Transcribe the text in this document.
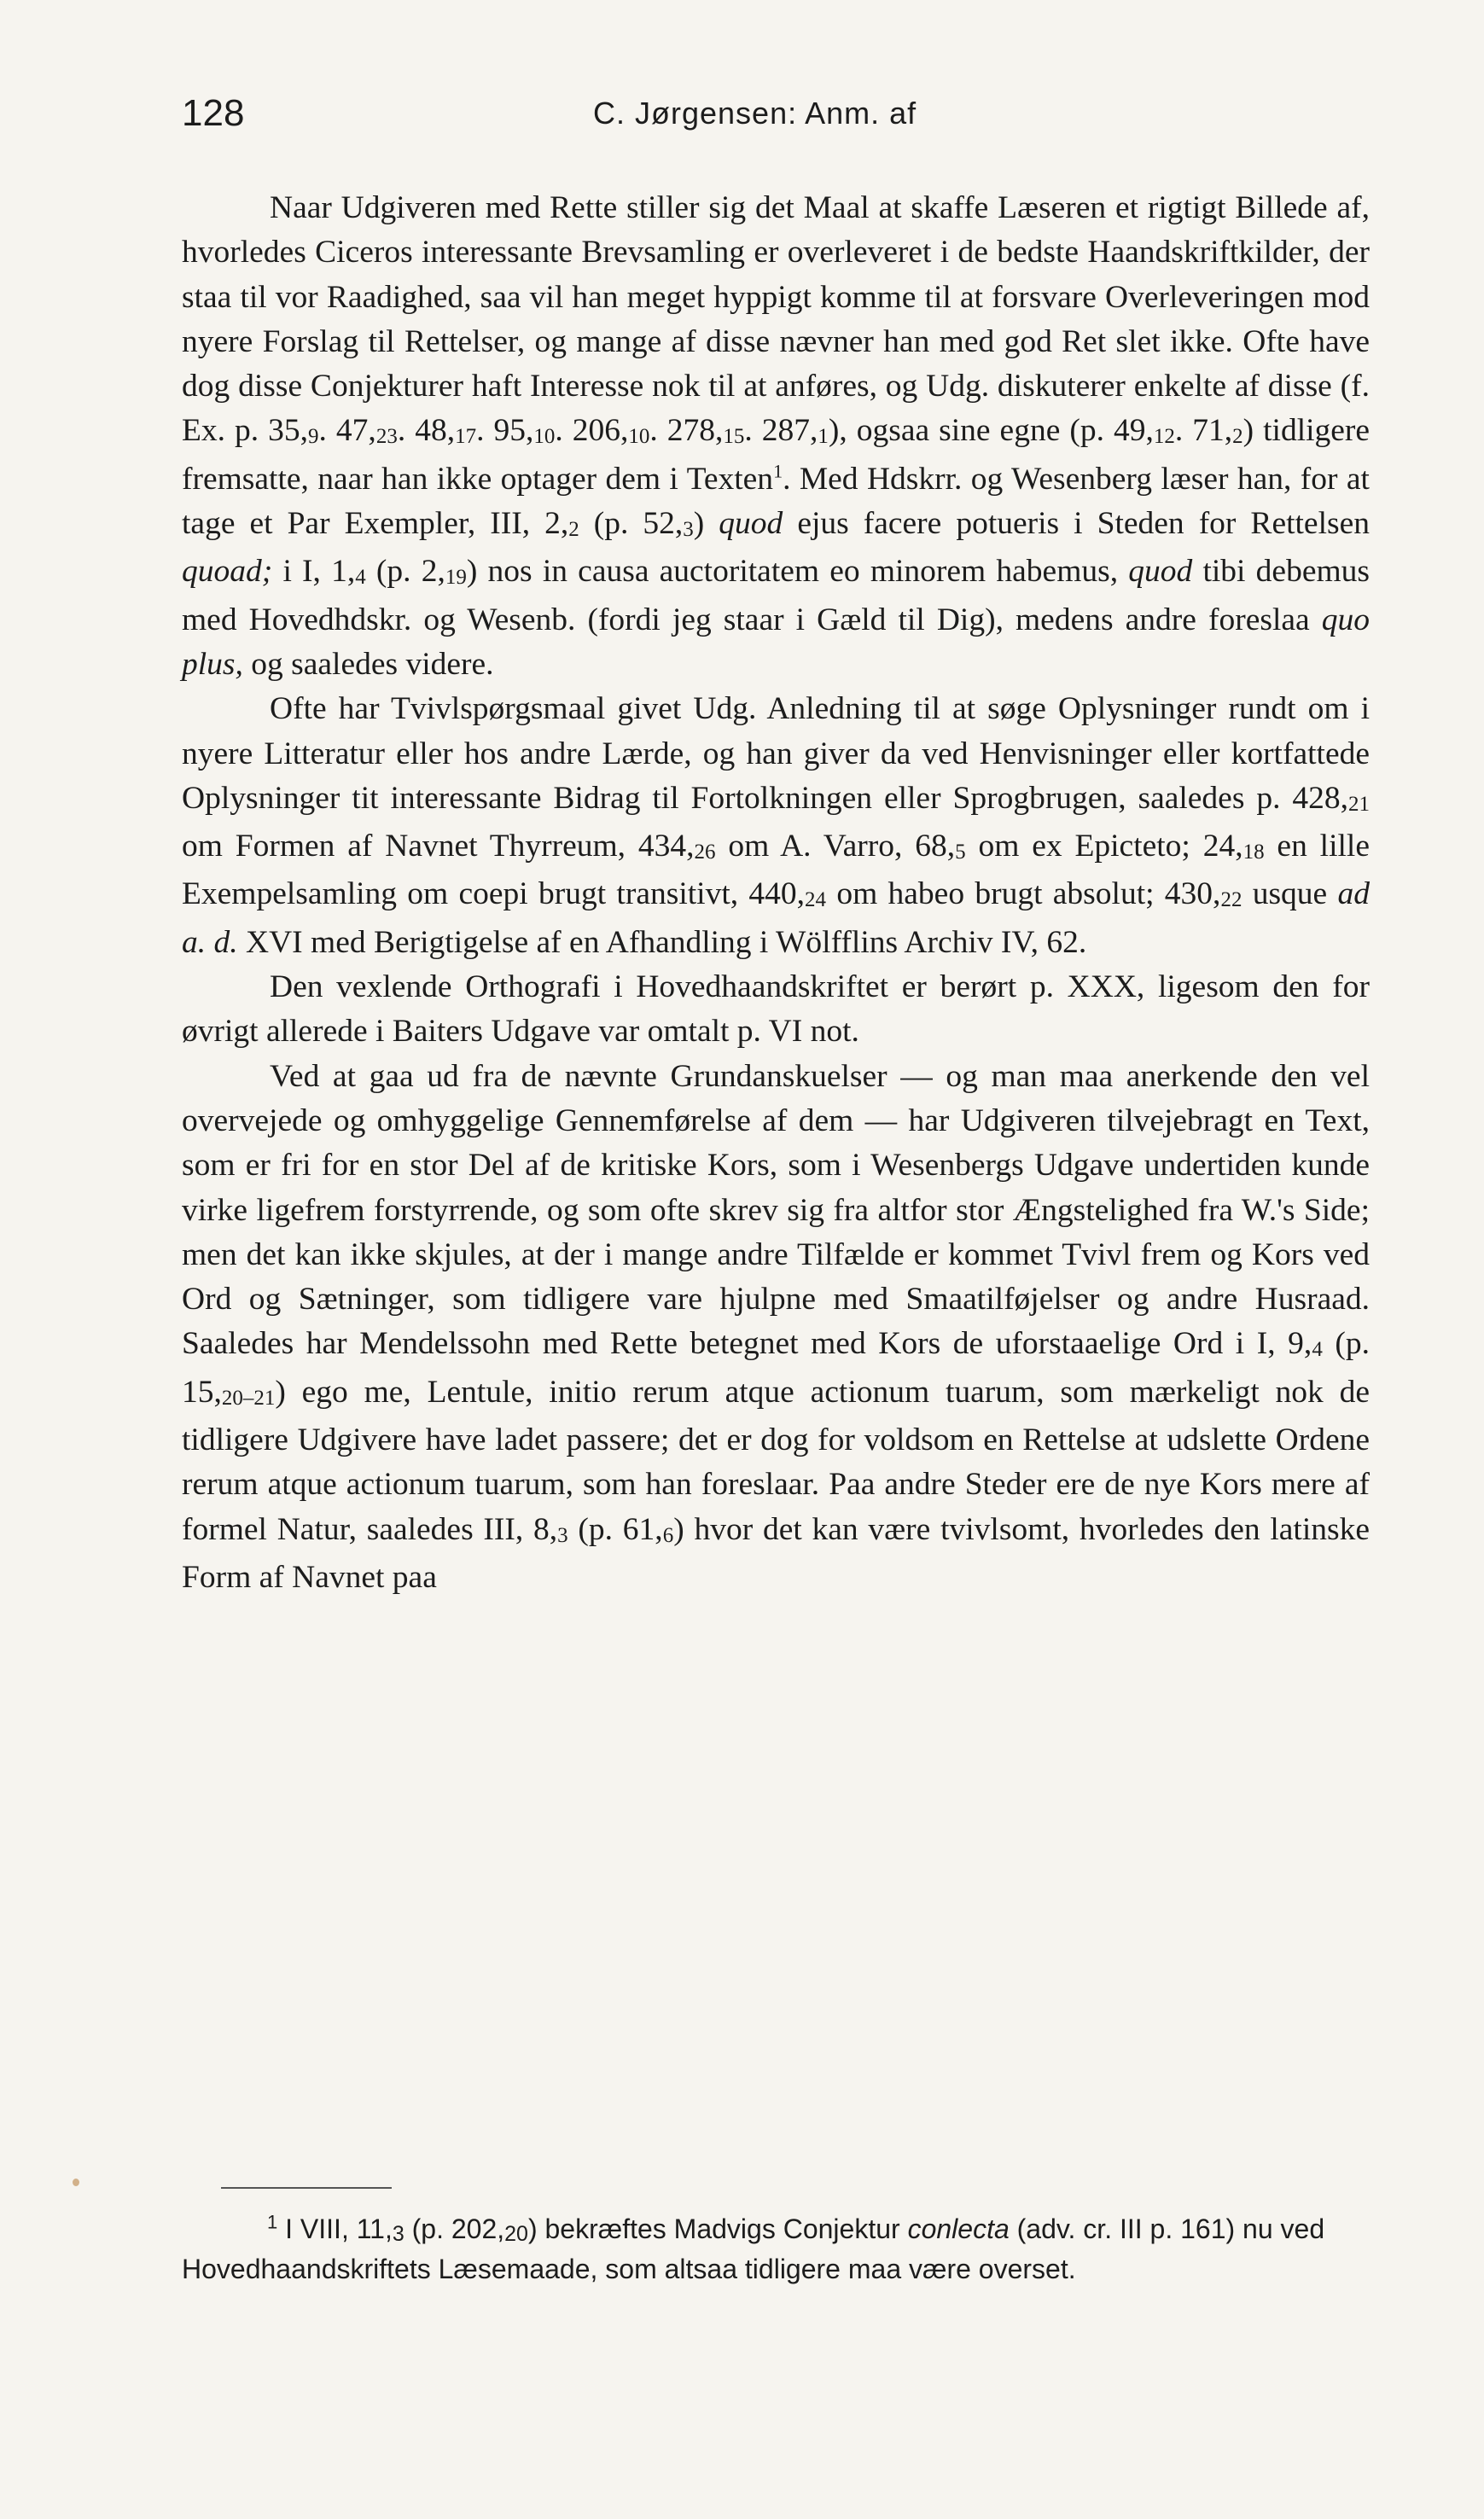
128	C. Jørgensen: Anm. af

Naar Udgiveren med Rette stiller sig det Maal at skaffe Læseren et rigtigt Billede af, hvorledes Ciceros interessante Brevsamling er overleveret i de bedste Haandskriftkilder, der staa til vor Raadighed, saa vil han meget hyppigt komme til at forsvare Overleveringen mod nyere Forslag til Rettelser, og mange af disse nævner han med god Ret slet ikke. Ofte have dog disse Conjekturer haft Interesse nok til at anføres, og Udg. diskuterer enkelte af disse (f. Ex. p. 35,9. 47,23. 48,17. 95,10. 206,10. 278,15. 287,1), ogsaa sine egne (p. 49,12. 71,2) tidligere fremsatte, naar han ikke optager dem i Texten$^1$. Med Hdskrr. og Wesenberg læser han, for at tage et Par Exempler, III, 2,2 (p. 52,3) quod ejus facere potueris i Steden for Rettelsen quoad; i I, 1,4 (p. 2,19) nos in causa auctoritatem eo minorem habemus, quod tibi debemus med Hovedhdskr. og Wesenb. (fordi jeg staar i Gæld til Dig), medens andre foreslaa quo plus, og saaledes videre.

Ofte har Tvivlspørgsmaal givet Udg. Anledning til at søge Oplysninger rundt om i nyere Litteratur eller hos andre Lærde, og han giver da ved Henvisninger eller kortfattede Oplysninger tit interessante Bidrag til Fortolkningen eller Sprogbrugen, saaledes p. 428,21 om Formen af Navnet Thyrreum, 434,26 om A. Varro, 68,5 om ex Epicteto; 24,18 en lille Exempelsamling om coepi brugt transitivt, 440,24 om habeo brugt absolut; 430,22 usque ad a. d. XVI med Berigtigelse af en Afhandling i Wölfflins Archiv IV, 62.

Den vexlende Orthografi i Hovedhaandskriftet er berørt p. XXX, ligesom den for øvrigt allerede i Baiters Udgave var omtalt p. VI not.

Ved at gaa ud fra de nævnte Grundanskuelser — og man maa anerkende den vel overvejede og omhyggelige Gennemførelse af dem — har Udgiveren tilvejebragt en Text, som er fri for en stor Del af de kritiske Kors, som i Wesenbergs Udgave undertiden kunde virke ligefrem forstyrrende, og som ofte skrev sig fra altfor stor Ængstelighed fra W.'s Side; men det kan ikke skjules, at der i mange andre Tilfælde er kommet Tvivl frem og Kors ved Ord og Sætninger, som tidligere vare hjulpne med Smaatilføjelser og andre Husraad. Saaledes har Mendelssohn med Rette betegnet med Kors de uforstaaelige Ord i I, 9,4 (p. 15,20–21) ego me, Lentule, initio rerum atque actionum tuarum, som mærkeligt nok de tidligere Udgivere have ladet passere; det er dog for voldsom en Rettelse at udslette Ordene rerum atque actionum tuarum, som han foreslaar. Paa andre Steder ere de nye Kors mere af formel Natur, saaledes III, 8,3 (p. 61,6) hvor det kan være tvivlsomt, hvorledes den latinske Form af Navnet paa

$^1$ I VIII, 11,3 (p. 202,20) bekræftes Madvigs Conjektur conlecta (adv. cr. III p. 161) nu ved Hovedhaandskriftets Læsemaade, som altsaa tidligere maa være overset.
